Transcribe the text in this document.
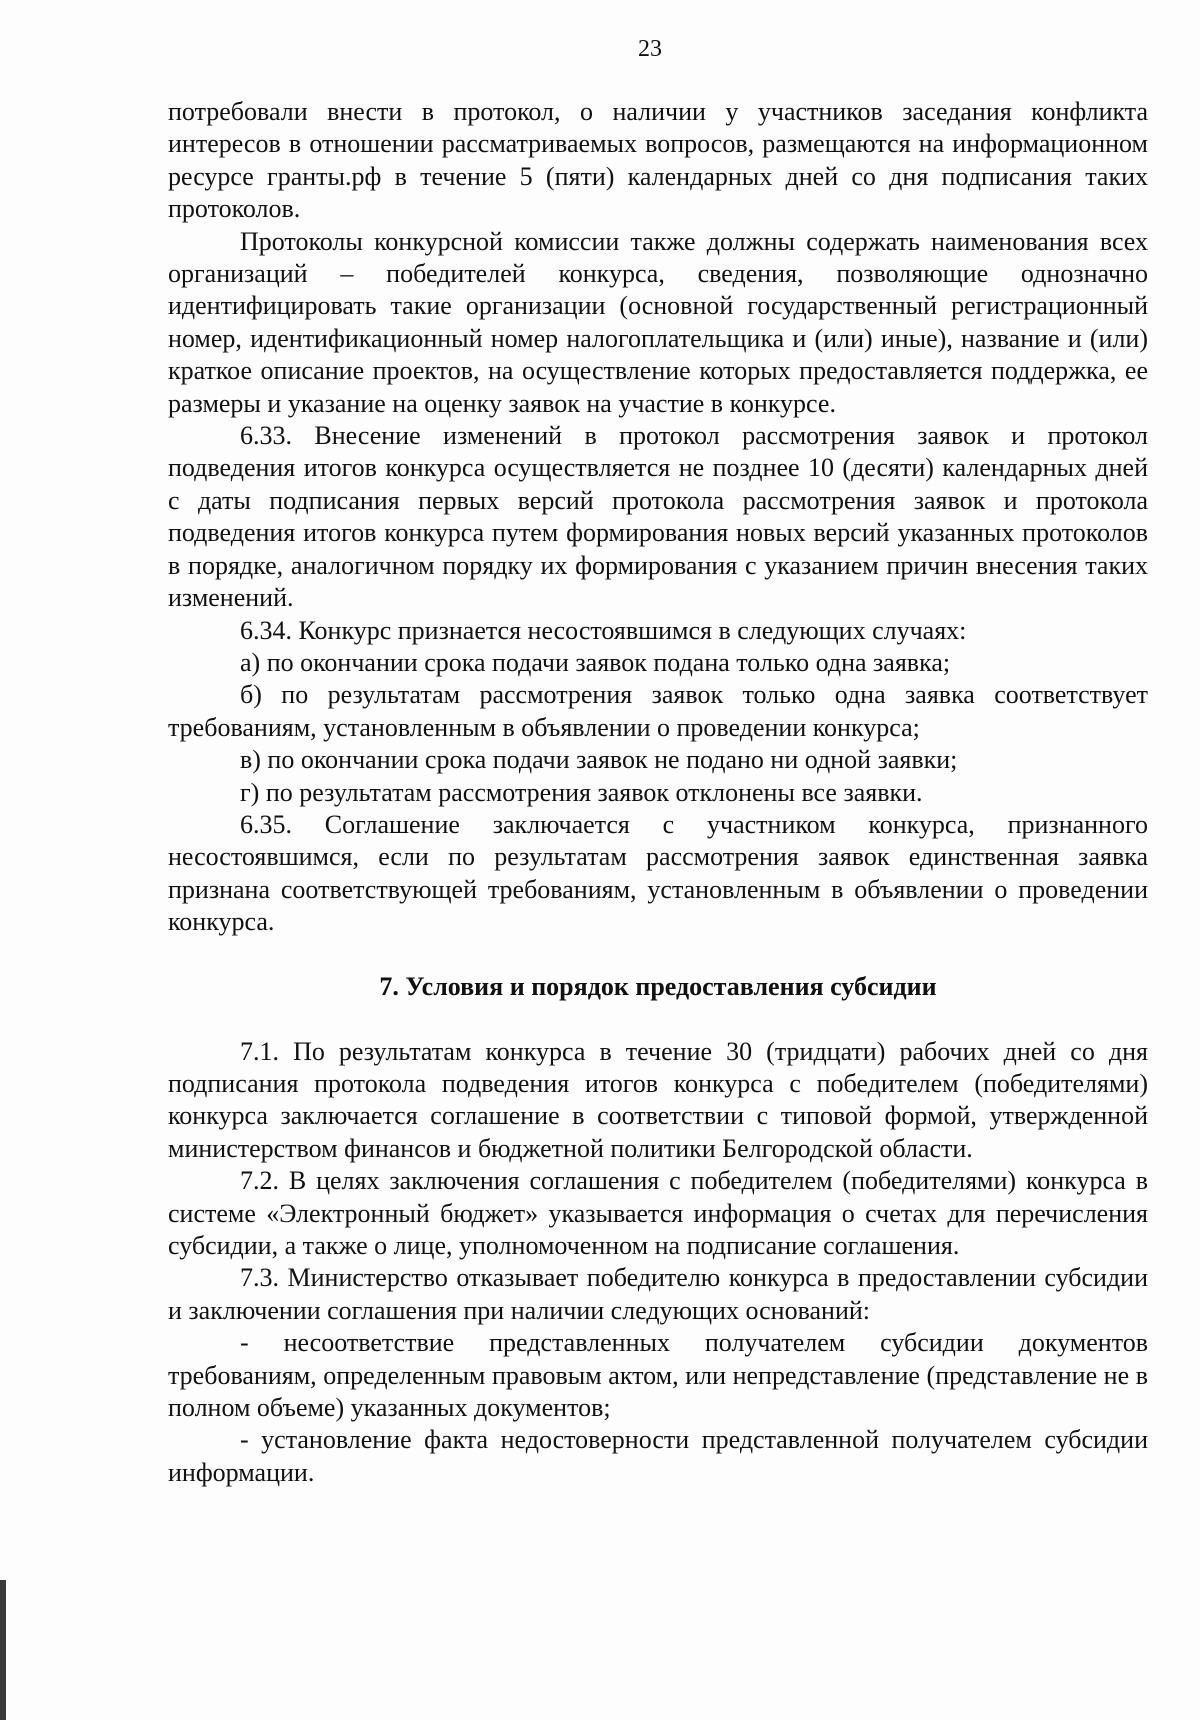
23

потребовали внести в протокол, о наличии у участников заседания конфликта интересов в отношении рассматриваемых вопросов, размещаются на информационном ресурсе гранты.рф в течение 5 (пяти) календарных дней со дня подписания таких протоколов.

Протоколы конкурсной комиссии также должны содержать наименования всех организаций – победителей конкурса, сведения, позволяющие однозначно идентифицировать такие организации (основной государственный регистрационный номер, идентификационный номер налогоплательщика и (или) иные), название и (или) краткое описание проектов, на осуществление которых предоставляется поддержка, ее размеры и указание на оценку заявок на участие в конкурсе.

6.33. Внесение изменений в протокол рассмотрения заявок и протокол подведения итогов конкурса осуществляется не позднее 10 (десяти) календарных дней с даты подписания первых версий протокола рассмотрения заявок и протокола подведения итогов конкурса путем формирования новых версий указанных протоколов в порядке, аналогичном порядку их формирования с указанием причин внесения таких изменений.

6.34. Конкурс признается несостоявшимся в следующих случаях:

а) по окончании срока подачи заявок подана только одна заявка;

б) по результатам рассмотрения заявок только одна заявка соответствует требованиям, установленным в объявлении о проведении конкурса;

в) по окончании срока подачи заявок не подано ни одной заявки;

г) по результатам рассмотрения заявок отклонены все заявки.

6.35. Соглашение заключается с участником конкурса, признанного несостоявшимся, если по результатам рассмотрения заявок единственная заявка признана соответствующей требованиям, установленным в объявлении о проведении конкурса.

7. Условия и порядок предоставления субсидии

7.1. По результатам конкурса в течение 30 (тридцати) рабочих дней со дня подписания протокола подведения итогов конкурса с победителем (победителями) конкурса заключается соглашение в соответствии с типовой формой, утвержденной министерством финансов и бюджетной политики Белгородской области.

7.2. В целях заключения соглашения с победителем (победителями) конкурса в системе «Электронный бюджет» указывается информация о счетах для перечисления субсидии, а также о лице, уполномоченном на подписание соглашения.

7.3. Министерство отказывает победителю конкурса в предоставлении субсидии и заключении соглашения при наличии следующих оснований:

- несоответствие представленных получателем субсидии документов требованиям, определенным правовым актом, или непредставление (представление не в полном объеме) указанных документов;

- установление факта недостоверности представленной получателем субсидии информации.
